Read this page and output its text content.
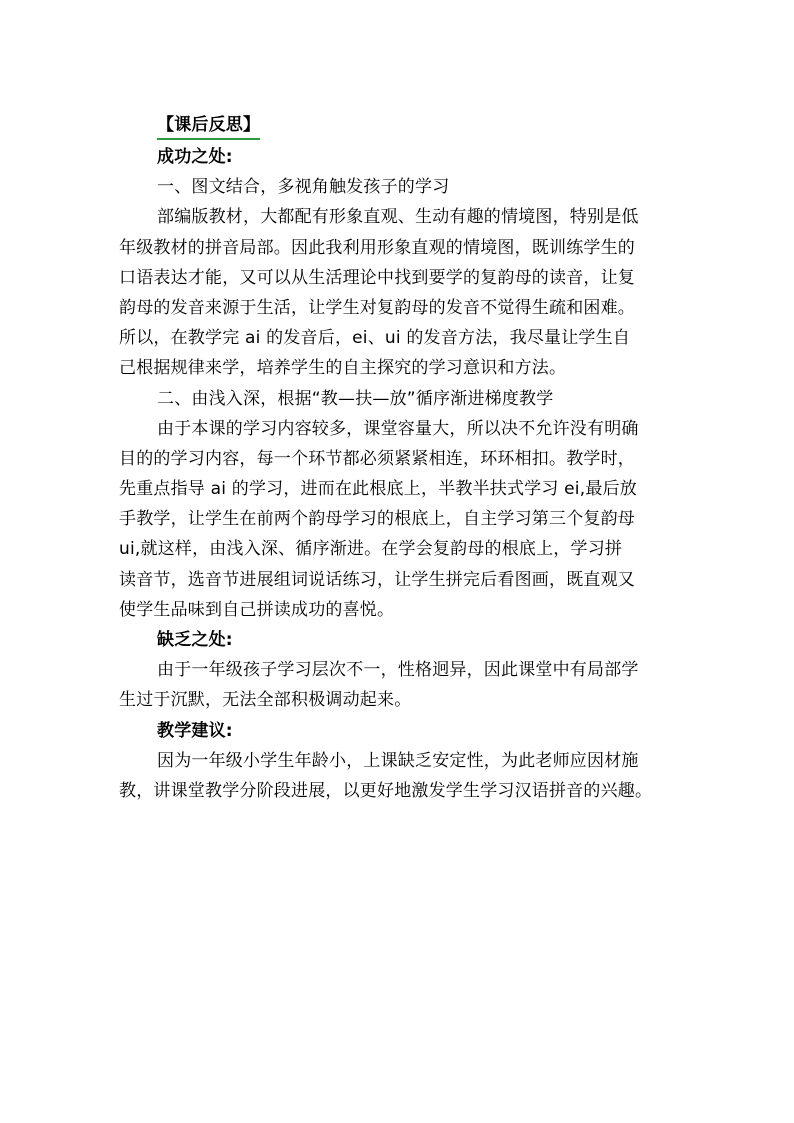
【课后反思】
成功之处:
一、图文结合，多视角触发孩子的学习
部编版教材，大都配有形象直观、生动有趣的情境图，特别是低
年级教材的拼音局部。因此我利用形象直观的情境图，既训练学生的
口语表达才能，又可以从生活理论中找到要学的复韵母的读音，让复
韵母的发音来源于生活，让学生对复韵母的发音不觉得生疏和困难。
所以，在教学完 ai 的发音后，ei、ui 的发音方法，我尽量让学生自
己根据规律来学，培养学生的自主探究的学习意识和方法。
二、由浅入深，根据“教—扶—放”循序渐进梯度教学
由于本课的学习内容较多，课堂容量大，所以决不允许没有明确
目的的学习内容，每一个环节都必须紧紧相连，环环相扣。教学时，
先重点指导 ai 的学习，进而在此根底上，半教半扶式学习 ei,最后放
手教学，让学生在前两个韵母学习的根底上，自主学习第三个复韵母
ui,就这样，由浅入深、循序渐进。在学会复韵母的根底上，学习拼
读音节，选音节进展组词说话练习，让学生拼完后看图画，既直观又
使学生品味到自己拼读成功的喜悦。
缺乏之处:
由于一年级孩子学习层次不一，性格迥异，因此课堂中有局部学
生过于沉默，无法全部积极调动起来。
教学建议:
因为一年级小学生年龄小，上课缺乏安定性，为此老师应因材施
教，讲课堂教学分阶段进展，以更好地激发学生学习汉语拼音的兴趣。
